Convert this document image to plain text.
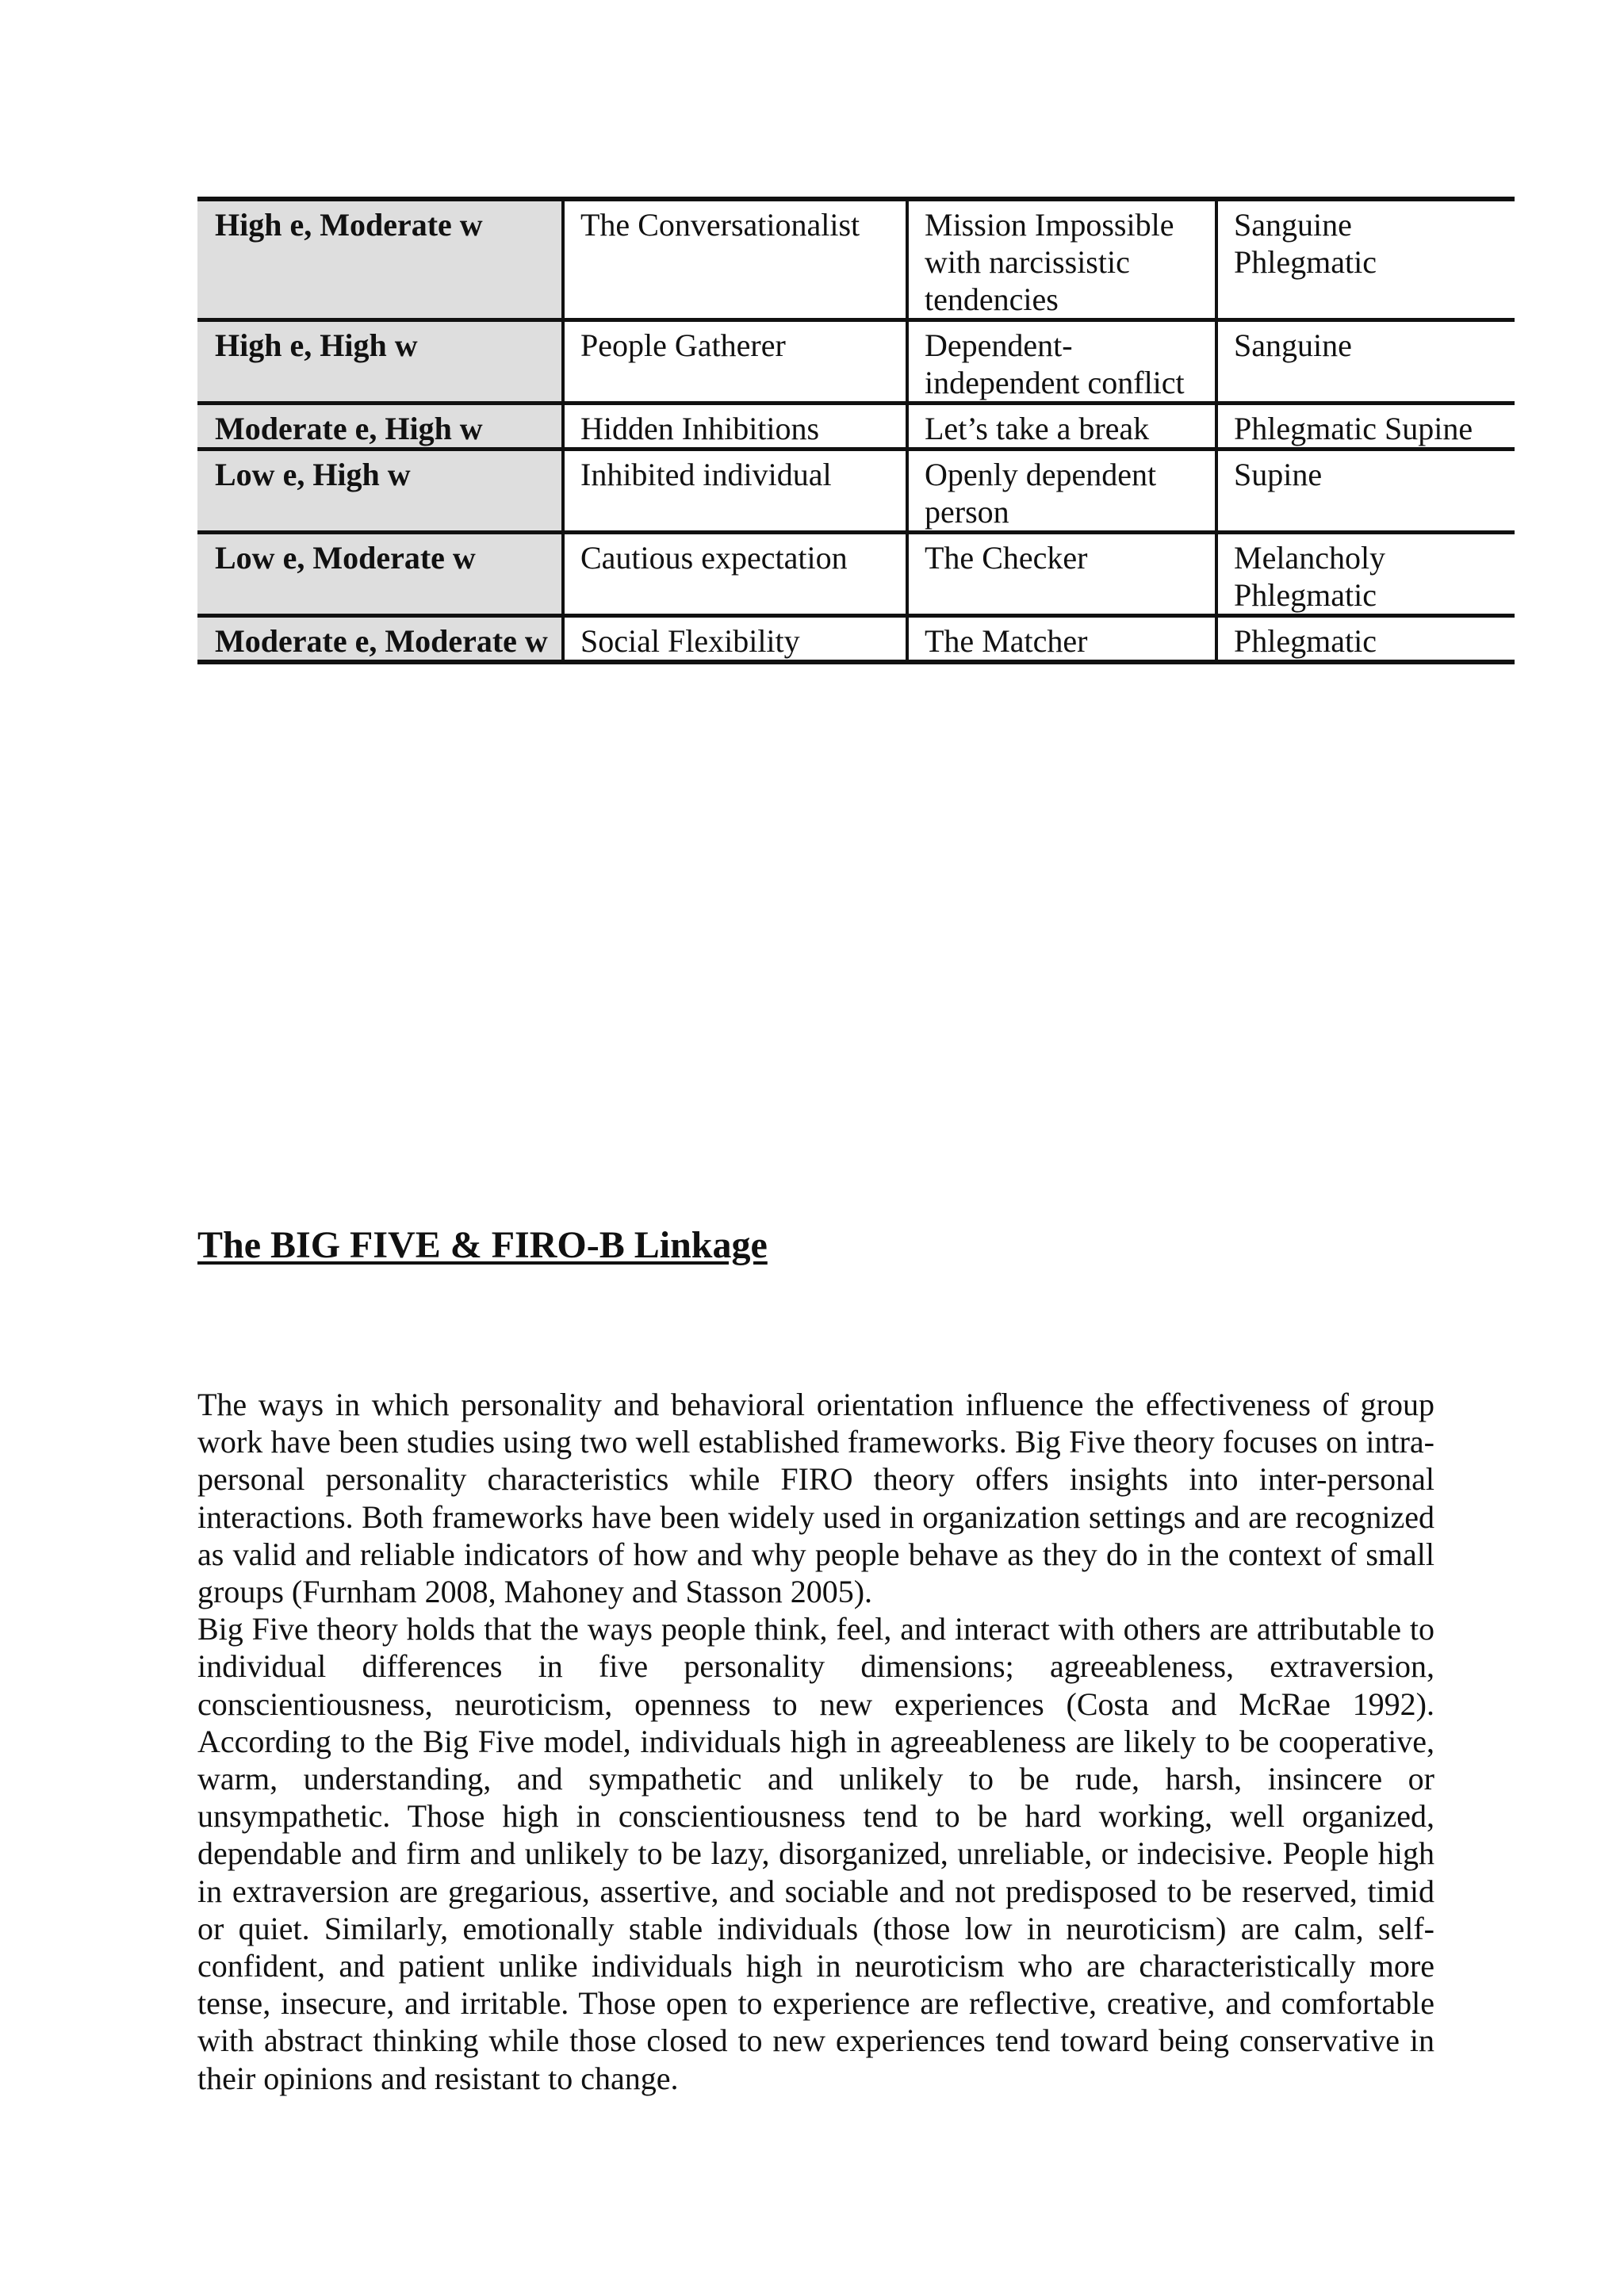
High e, Moderate w	The Conversationalist	Mission Impossible with narcissistic tendencies	Sanguine Phlegmatic
High e, High w	People Gatherer	Dependent-independent conflict	Sanguine
Moderate e, High w	Hidden Inhibitions	Let’s take a break	Phlegmatic Supine
Low e, High w	Inhibited individual	Openly dependent person	Supine
Low e, Moderate w	Cautious expectation	The Checker	Melancholy Phlegmatic
Moderate e, Moderate w	Social Flexibility	The Matcher	Phlegmatic
The BIG FIVE & FIRO-B Linkage

The ways in which personality and behavioral orientation influence the effectiveness of group work have been studies using two well established frameworks. Big Five theory focuses on intra-personal personality characteristics while FIRO theory offers insights into inter-personal interactions. Both frameworks have been widely used in organization settings and are recognized as valid and reliable indicators of how and why people behave as they do in the context of small groups (Furnham 2008, Mahoney and Stasson 2005).

Big Five theory holds that the ways people think, feel, and interact with others are attributable to individual differences in five personality dimensions; agreeableness, extraversion, conscientiousness, neuroticism, openness to new experiences (Costa and McRae 1992). According to the Big Five model, individuals high in agreeableness are likely to be cooperative, warm, understanding, and sympathetic and unlikely to be rude, harsh, insincere or unsympathetic. Those high in conscientiousness tend to be hard working, well organized, dependable and firm and unlikely to be lazy, disorganized, unreliable, or indecisive. People high in extraversion are gregarious, assertive, and sociable and not predisposed to be reserved, timid or quiet. Similarly, emotionally stable individuals (those low in neuroticism) are calm, self-confident, and patient unlike individuals high in neuroticism who are characteristically more tense, insecure, and irritable. Those open to experience are reflective, creative, and comfortable with abstract thinking while those closed to new experiences tend toward being conservative in their opinions and resistant to change.
